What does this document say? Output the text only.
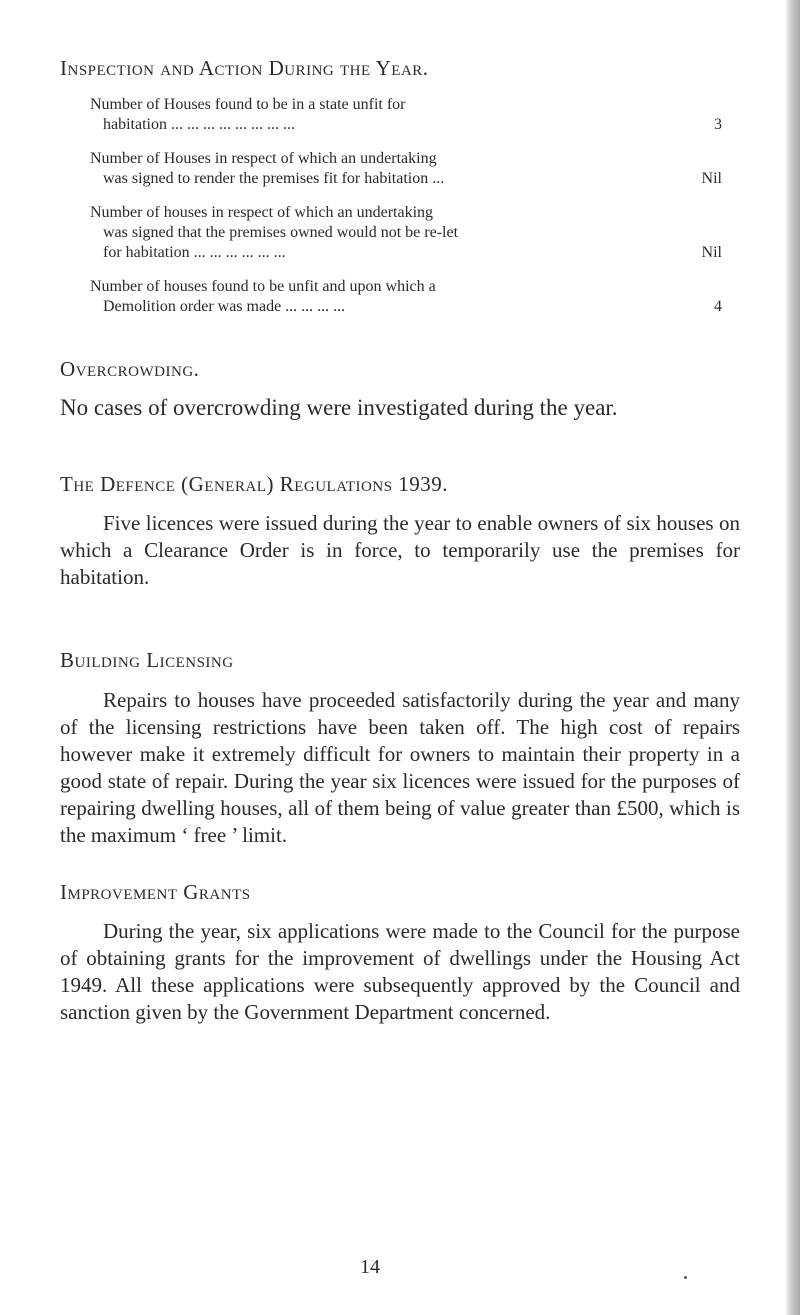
Inspection and Action During the Year.
Number of Houses found to be in a state unfit for
habitation ... ... ... ... ... ... ... ...	3
Number of Houses in respect of which an undertaking
was signed to render the premises fit for habitation ...	Nil
Number of houses in respect of which an undertaking
was signed that the premises owned would not be re-let
for habitation ... ... ... ... ... ...	Nil
Number of houses found to be unfit and upon which a
Demolition order was made ... ... ... ...	4
Overcrowding.
No cases of overcrowding were investigated during the year.
The Defence (General) Regulations 1939.
Five licences were issued during the year to enable owners of six houses on which a Clearance Order is in force, to temporarily use the premises for habitation.
Building Licensing
Repairs to houses have proceeded satisfactorily during the year and many of the licensing restrictions have been taken off. The high cost of repairs however make it extremely difficult for owners to maintain their property in a good state of repair. During the year six licences were issued for the purposes of repairing dwelling houses, all of them being of value greater than £500, which is the maximum ‘ free ’ limit.
Improvement Grants
During the year, six applications were made to the Council for the purpose of obtaining grants for the improvement of dwellings under the Housing Act 1949. All these applications were subsequently approved by the Council and sanction given by the Government Department concerned.
14
